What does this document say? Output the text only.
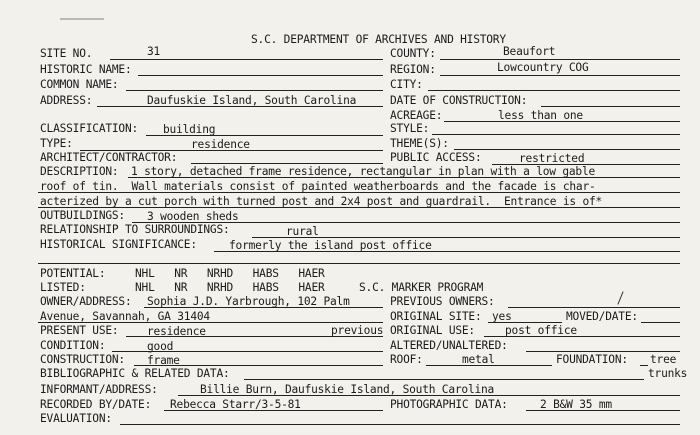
S.C. DEPARTMENT OF ARCHIVES AND HISTORY
SITE NO.	31	COUNTY:	Beaufort
HISTORIC NAME:	REGION:	Lowcountry COG
COMMON NAME:	CITY:
ADDRESS:	Daufuskie Island, South Carolina	DATE OF CONSTRUCTION:
ACREAGE:	less than one
CLASSIFICATION: building	STYLE:
TYPE:	residence	THEME(S):
ARCHITECT/CONTRACTOR:	PUBLIC ACCESS:	restricted
DESCRIPTION: 1 story, detached frame residence, rectangular in plan with a low gable
roof of tin.  Wall materials consist of painted weatherboards and the facade is char-
acterized by a cut porch with turned post and 2x4 post and guardrail.  Entrance is of*
OUTBUILDINGS: 3 wooden sheds
RELATIONSHIP TO SURROUNDINGS:	rural
HISTORICAL SIGNIFICANCE:	formerly the island post office
POTENTIAL:	NHL   NR   NRHD   HABS   HAER
LISTED:	NHL   NR   NRHD   HABS   HAER	S.C. MARKER PROGRAM
OWNER/ADDRESS: Sophia J.D. Yarbrough, 102 Palm
Avenue, Savannah, GA 31404
PREVIOUS OWNERS:
ORIGINAL SITE: yes	MOVED/DATE:
PRESENT USE:	residence	previous ORIGINAL USE:	post office
CONDITION:	good	ALTERED/UNALTERED:
CONSTRUCTION: frame	ROOF:	metal	FOUNDATION: tree
trunks
BIBLIOGRAPHIC & RELATED DATA:
INFORMANT/ADDRESS:	Billie Burn, Daufuskie Island, South Carolina
RECORDED BY/DATE: Rebecca Starr/3-5-81	PHOTOGRAPHIC DATA:	2 B&W 35 mm
EVALUATION:
